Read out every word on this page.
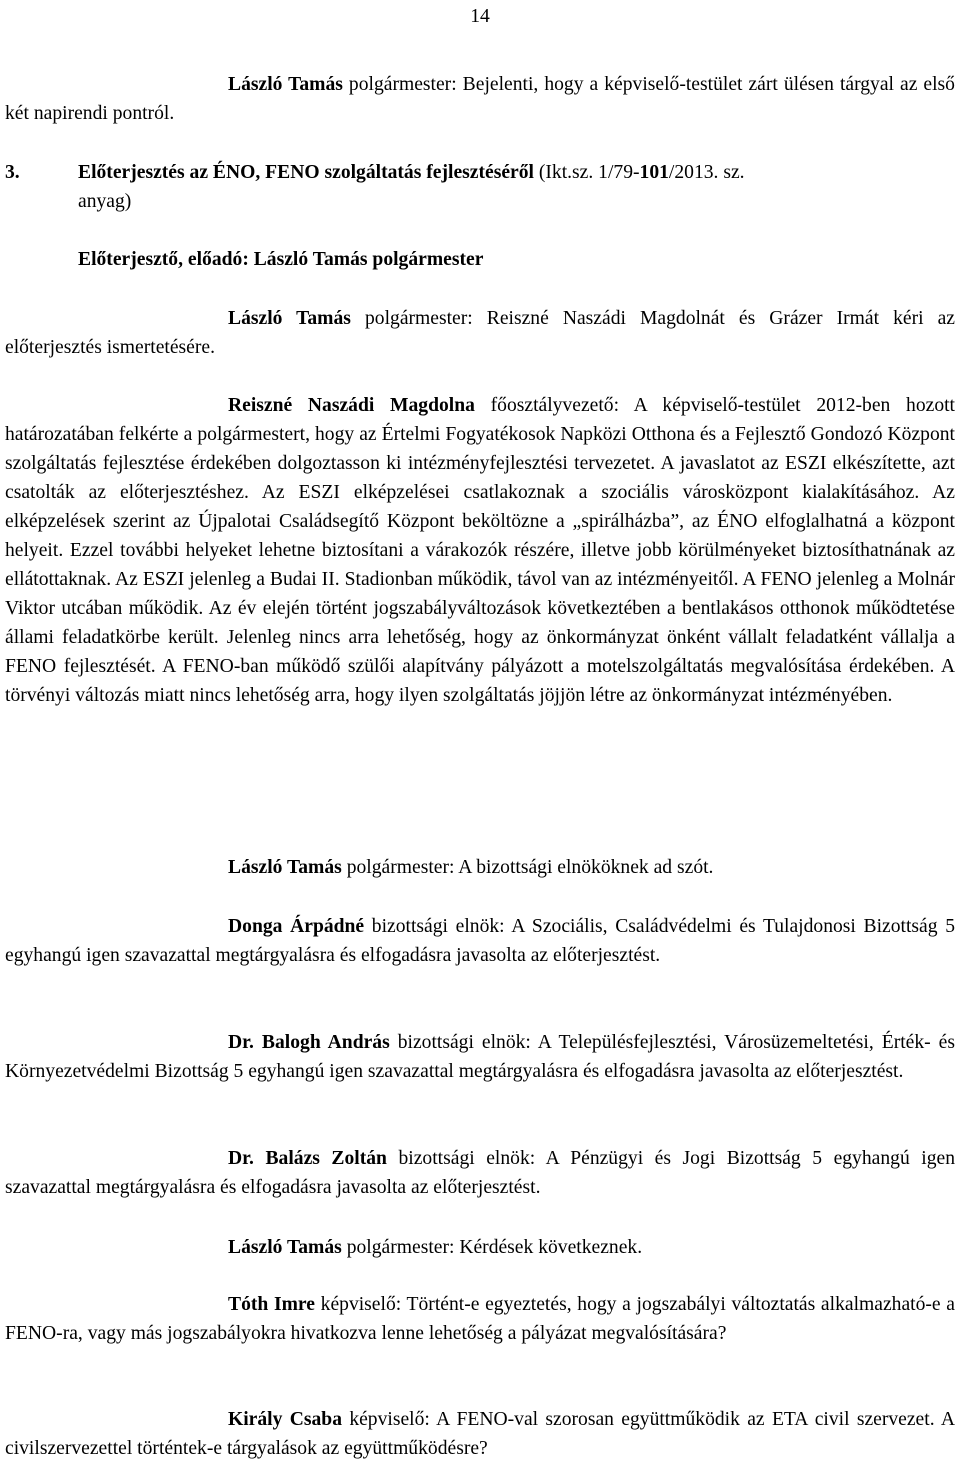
14

László Tamás polgármester: Bejelenti, hogy a képviselő-testület zárt ülésen tárgyal az első két napirendi pontról.

3.	Előterjesztés az ÉNO, FENO szolgáltatás fejlesztéséről (Ikt.sz. 1/79-101/2013. sz.
anyag)
Előterjesztő, előadó: László Tamás polgármester

László Tamás polgármester: Reiszné Naszádi Magdolnát és Grázer Irmát kéri az előterjesztés ismertetésére.

Reiszné Naszádi Magdolna főosztályvezető: A képviselő-testület 2012-ben hozott határozatában felkérte a polgármestert, hogy az Értelmi Fogyatékosok Napközi Otthona és a Fejlesztő Gondozó Központ szolgáltatás fejlesztése érdekében dolgoztasson ki intézményfejlesztési tervezetet. A javaslatot az ESZI elkészítette, azt csatolták az előterjesztéshez. Az ESZI elképzelései csatlakoznak a szociális városközpont kialakításához. Az elképzelések szerint az Újpalotai Családsegítő Központ beköltözne a „spirálházba”, az ÉNO elfoglalhatná a központ helyeit. Ezzel további helyeket lehetne biztosítani a várakozók részére, illetve jobb körülményeket biztosíthatnának az ellátottaknak. Az ESZI jelenleg a Budai II. Stadionban működik, távol van az intézményeitől. A FENO jelenleg a Molnár Viktor utcában működik. Az év elején történt jogszabályváltozások következtében a bentlakásos otthonok működtetése állami feladatkörbe került. Jelenleg nincs arra lehetőség, hogy az önkormányzat önként vállalt feladatként vállalja a FENO fejlesztését. A FENO-ban működő szülői alapítvány pályázott a motelszolgáltatás megvalósítása érdekében. A törvényi változás miatt nincs lehetőség arra, hogy ilyen szolgáltatás jöjjön létre az önkormányzat intézményében.

László Tamás polgármester: A bizottsági elnököknek ad szót.

Donga Árpádné bizottsági elnök: A Szociális, Családvédelmi és Tulajdonosi Bizottság 5 egyhangú igen szavazattal megtárgyalásra és elfogadásra javasolta az előterjesztést.

Dr. Balogh András bizottsági elnök: A Településfejlesztési, Városüzemeltetési, Érték- és Környezetvédelmi Bizottság 5 egyhangú igen szavazattal megtárgyalásra és elfogadásra javasolta az előterjesztést.

Dr. Balázs Zoltán bizottsági elnök: A Pénzügyi és Jogi Bizottság 5 egyhangú igen szavazattal megtárgyalásra és elfogadásra javasolta az előterjesztést.

László Tamás polgármester: Kérdések következnek.

Tóth Imre képviselő: Történt-e egyeztetés, hogy a jogszabályi változtatás alkalmazható-e a FENO-ra, vagy más jogszabályokra hivatkozva lenne lehetőség a pályázat megvalósítására?

Király Csaba képviselő: A FENO-val szorosan együttműködik az ETA civil szervezet. A civilszervezettel történtek-e tárgyalások az együttműködésre?
